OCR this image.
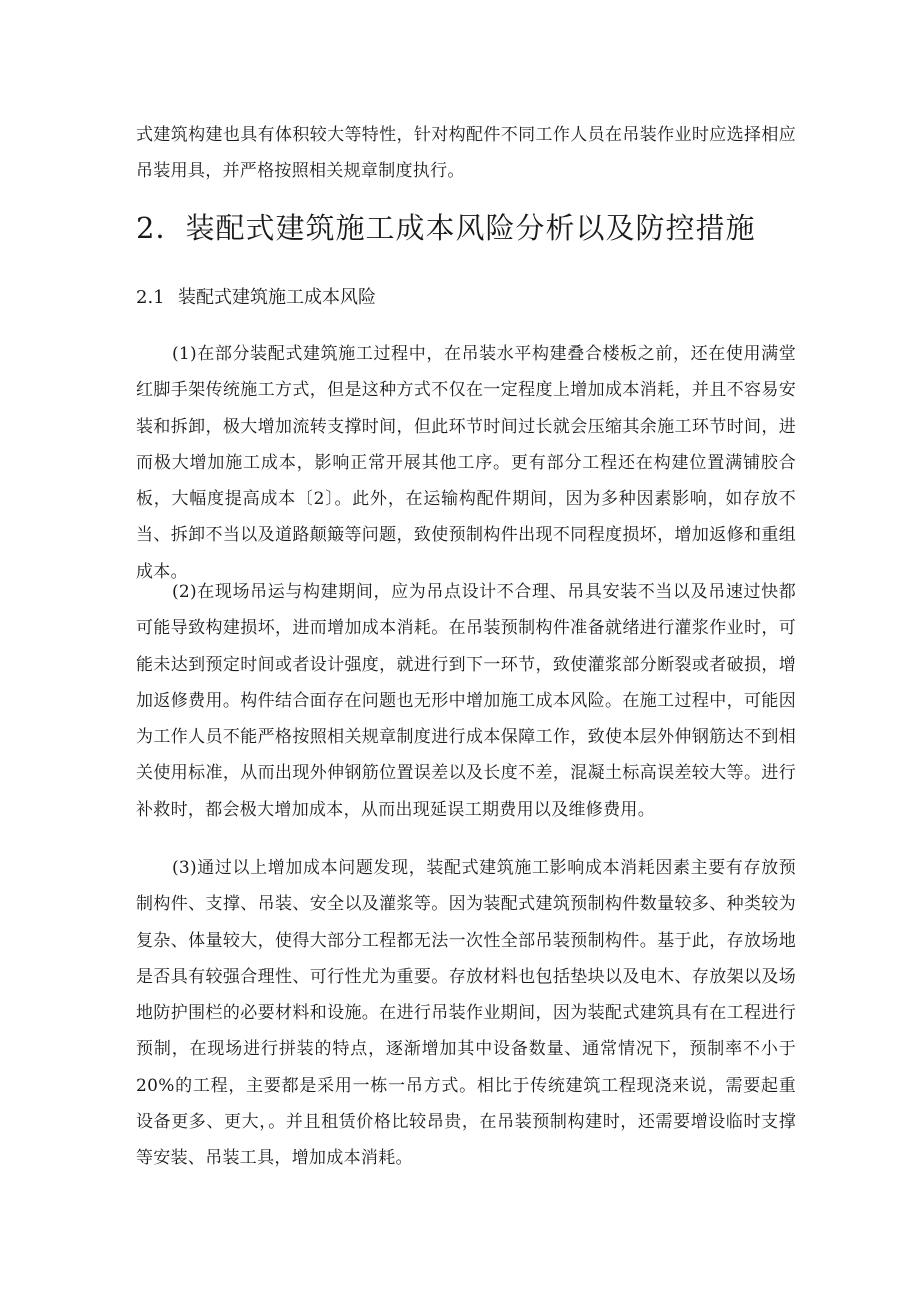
式建筑构建也具有体积较大等特性，针对构配件不同工作人员在吊装作业时应选择相应吊装用具，并严格按照相关规章制度执行。

2．装配式建筑施工成本风险分析以及防控措施
2.1 装配式建筑施工成本风险

(1)在部分装配式建筑施工过程中，在吊装水平构建叠合楼板之前，还在使用满堂红脚手架传统施工方式，但是这种方式不仅在一定程度上增加成本消耗，并且不容易安装和拆卸，极大增加流转支撑时间，但此环节时间过长就会压缩其余施工环节时间，进而极大增加施工成本，影响正常开展其他工序。更有部分工程还在构建位置满铺胶合板，大幅度提高成本〔2〕。此外，在运输构配件期间，因为多种因素影响，如存放不当、拆卸不当以及道路颠簸等问题，致使预制构件出现不同程度损坏，增加返修和重组成本。

(2)在现场吊运与构建期间，应为吊点设计不合理、吊具安装不当以及吊速过快都可能导致构建损坏，进而增加成本消耗。在吊装预制构件准备就绪进行灌浆作业时，可能未达到预定时间或者设计强度，就进行到下一环节，致使灌浆部分断裂或者破损，增加返修费用。构件结合面存在问题也无形中增加施工成本风险。在施工过程中，可能因为工作人员不能严格按照相关规章制度进行成本保障工作，致使本层外伸钢筋达不到相关使用标准，从而出现外伸钢筋位置误差以及长度不差，混凝土标高误差较大等。进行补救时，都会极大增加成本，从而出现延误工期费用以及维修费用。

(3)通过以上增加成本问题发现，装配式建筑施工影响成本消耗因素主要有存放预制构件、支撑、吊装、安全以及灌浆等。因为装配式建筑预制构件数量较多、种类较为复杂、体量较大，使得大部分工程都无法一次性全部吊装预制构件。基于此，存放场地是否具有较强合理性、可行性尤为重要。存放材料也包括垫块以及电木、存放架以及场地防护围栏的必要材料和设施。在进行吊装作业期间，因为装配式建筑具有在工程进行预制，在现场进行拼装的特点，逐渐增加其中设备数量、通常情况下，预制率不小于20%的工程，主要都是采用一栋一吊方式。相比于传统建筑工程现浇来说，需要起重设备更多、更大，。并且租赁价格比较昂贵，在吊装预制构建时，还需要增设临时支撑等安装、吊装工具，增加成本消耗。
